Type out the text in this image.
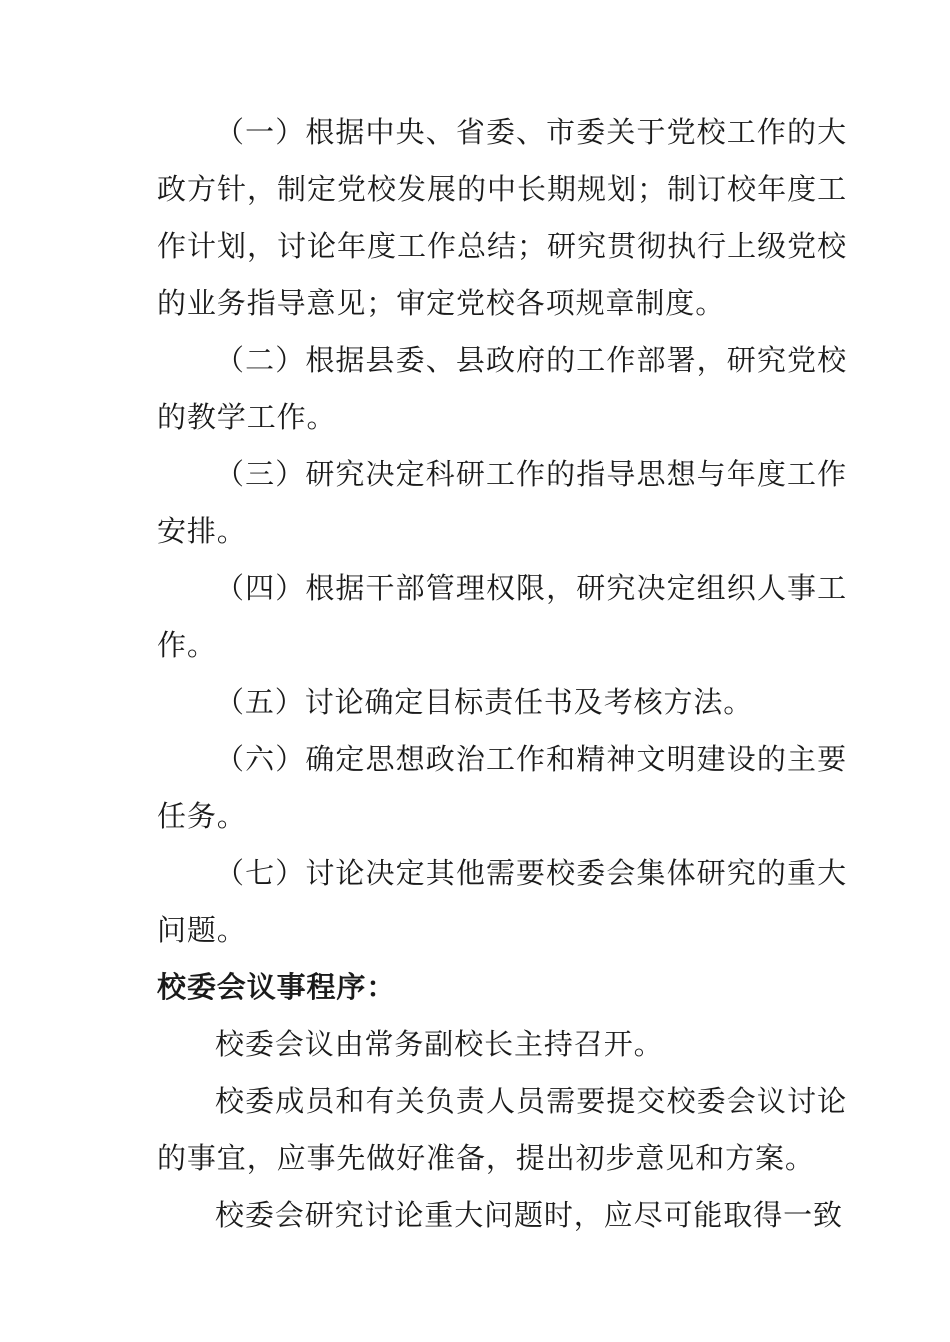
（一）根据中央、省委、市委关于党校工作的大政方针，制定党校发展的中长期规划；制订校年度工作计划，讨论年度工作总结；研究贯彻执行上级党校的业务指导意见；审定党校各项规章制度。

（二）根据县委、县政府的工作部署，研究党校的教学工作。

（三）研究决定科研工作的指导思想与年度工作安排。

（四）根据干部管理权限，研究决定组织人事工作。

（五）讨论确定目标责任书及考核方法。

（六）确定思想政治工作和精神文明建设的主要任务。

（七）讨论决定其他需要校委会集体研究的重大问题。

校委会议事程序：

校委会议由常务副校长主持召开。

校委成员和有关负责人员需要提交校委会议讨论的事宜，应事先做好准备，提出初步意见和方案。

校委会研究讨论重大问题时，应尽可能取得一致
